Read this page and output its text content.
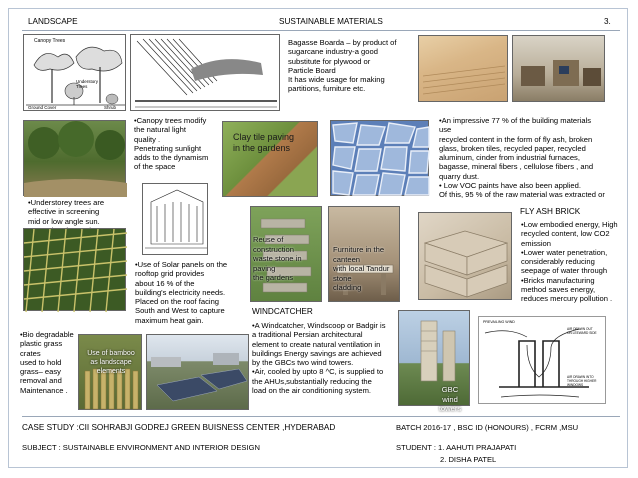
LANDSCAPE	SUSTAINABLE MATERIALS	3.
Canopy Trees
Understory
Trees
Ground Cover	Shrub
•Canopy trees modify
the natural light
quality .
Penetrating sunlight
adds to the dynamism
of the space
•Understorey trees are
effective in screening
mid or low angle sun.

Clay tile paving
in the gardens
Bagasse Boarda – by product of
sugarcane industry-a good
substitute for plywood or
Particle Board
It has wide usage for making
partitions, furniture etc.
•An impressive 77 % of the building materials
use
recycled content in the form of fly ash, broken
glass, broken tiles, recycled paper, recycled
aluminum, cinder from industrial furnaces,
bagasse, mineral fibers , cellulose fibers , and
quarry dust.
• Low VOC paints have also been applied.
Of this, 95 % of the raw material was extracted or
Reuse of
construction
waste stone in
paving
the gardens
Furniture in the
canteen
with local Tandur
stone
cladding
FLY ASH BRICK
•Low embodied energy, High
recycled content, low CO2
emission
•Lower water penetration,
considerably reducing
seepage of water through
•Bricks manufacturing
method saves energy,
reduces mercury pollution .
•Use of Solar panels on the
rooftop grid provides
about 16 % of the
building's electricity needs.
Placed on the roof facing
South and West to capture
maximum heat gain.
•Bio degradable
plastic grass
crates
used to hold
grass– easy
removal and
Maintenance .
Use of bamboo
as landscape
elements
WINDCATCHER
•A Windcatcher, Windscoop or Badgir is
a traditional Persian architectural
element to create natural ventilation in
buildings Energy savings are achieved
by the GBCs two wind towers.
•Air, cooled by upto 8 ^C, is supplied to
the AHUs,substantially reducing the
load on the air conditioning system.	GBC
wind towers
PREVAILING WIND
AIR DRAWN OUT
ON LEEWARD SIDE
AIR DRAWN INTO
THROUGH HIGHER
WINDOWS
CASE STUDY :CII SOHRABJI GODREJ GREEN BUISNESS CENTER ,HYDERABAD	BATCH 2016-17 , BSC ID (HONOURS) , FCRM ,MSU
SUBJECT : SUSTAINABLE ENVIRONMENT AND INTERIOR DESIGN	STUDENT : 1. AAHUTI PRAJAPATI
2. DISHA PATEL
